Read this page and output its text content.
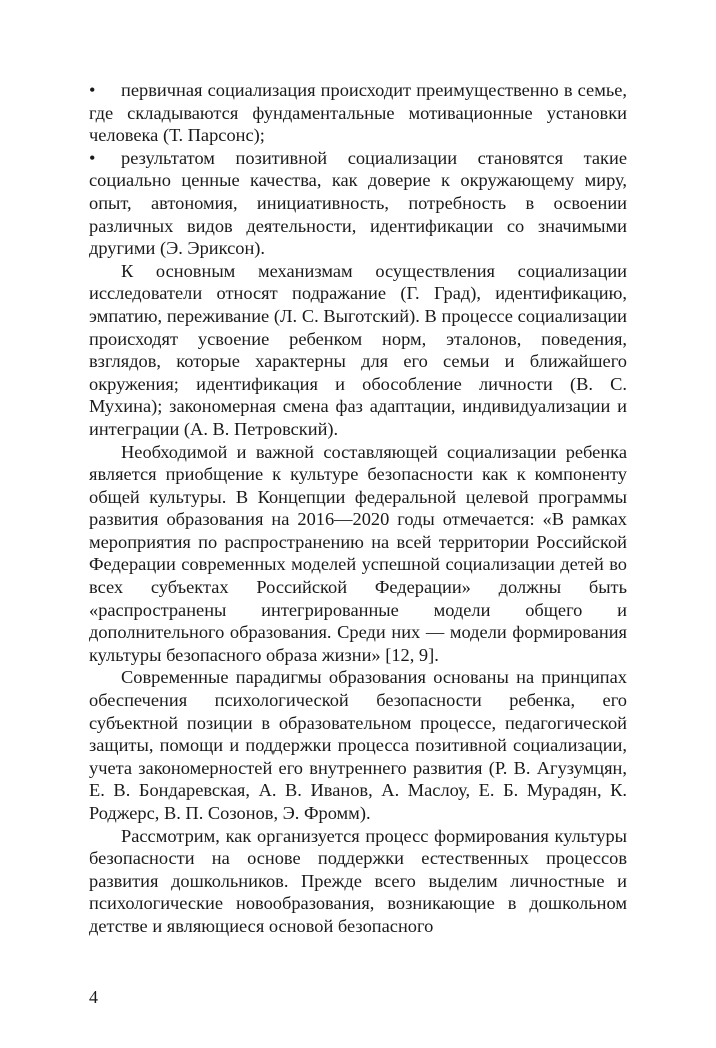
• первичная социализация происходит преимущественно в семье, где складываются фундаментальные мотивационные установки человека (Т. Парсонс);

• результатом позитивной социализации становятся такие социально ценные качества, как доверие к окружающему миру, опыт, автономия, инициативность, потребность в освоении различных видов деятельности, идентификации со значимыми другими (Э. Эриксон).

К основным механизмам осуществления социализации исследователи относят подражание (Г. Град), идентификацию, эмпатию, переживание (Л. С. Выготский). В процессе социализации происходят усвоение ребенком норм, эталонов, поведения, взглядов, которые характерны для его семьи и ближайшего окружения; идентификация и обособление личности (В. С. Мухина); закономерная смена фаз адаптации, индивидуализации и интеграции (А. В. Петровский).

Необходимой и важной составляющей социализации ребенка является приобщение к культуре безопасности как к компоненту общей культуры. В Концепции федеральной целевой программы развития образования на 2016—2020 годы отмечается: «В рамках мероприятия по распространению на всей территории Российской Федерации современных моделей успешной социализации детей во всех субъектах Российской Федерации» должны быть «распространены интегрированные модели общего и дополнительного образования. Среди них — модели формирования культуры безопасного образа жизни» [12, 9].

Современные парадигмы образования основаны на принципах обеспечения психологической безопасности ребенка, его субъектной позиции в образовательном процессе, педагогической защиты, помощи и поддержки процесса позитивной социализации, учета закономерностей его внутреннего развития (Р. В. Агузумцян, Е. В. Бондаревская, А. В. Иванов, А. Маслоу, Е. Б. Мурадян, К. Роджерс, В. П. Созонов, Э. Фромм).

Рассмотрим, как организуется процесс формирования культуры безопасности на основе поддержки естественных процессов развития дошкольников. Прежде всего выделим личностные и психологические новообразования, возникающие в дошкольном детстве и являющиеся основой безопасного

4
